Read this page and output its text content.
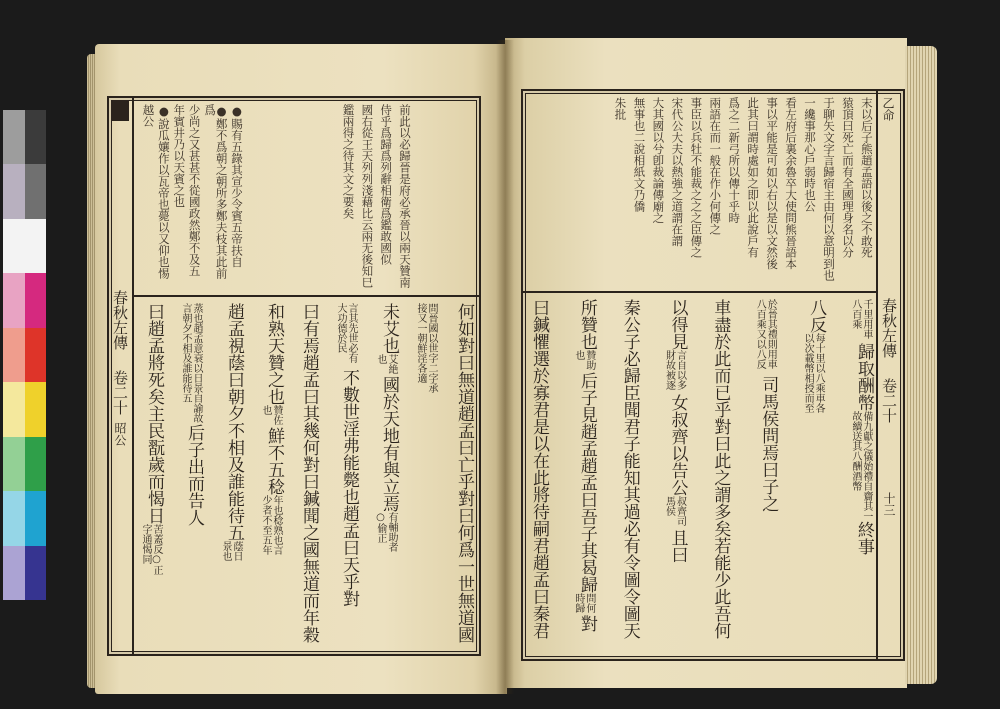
春秋左傳
卷二十
昭公
前此以必歸晉是府必承晉以兩天贊南
侍乎爲歸爲列辭相衛爲鑑敢國似
國右從王天列列淺藉比云兩无後知巳
鑑兩得之待其文之要矣
●賜有五錄其宣少令賓五帝扶自
●鄭不爲朝之朝所多鄭夫枝其此前爲
少尚之又甚甚不從國政然鄭不及五
年賓井乃以天賓之也
●說瓜孃作以瓦帝也薨以又仰也惕
越公
何如對曰無道趙孟曰亡乎對曰何爲一世無道國
問晉國以世字二字承接又一朝鮮淫各適
未艾也艾絶也國於天地有與立焉有輔助者○偷正
言其先世必有大功德於民不數世淫弗能斃也趙孟曰天乎對
曰有焉趙孟曰其幾何對曰鍼聞之國無道而年穀
和熟天贊之也贊佐也鮮不五稔年也稔熟也言少者不至五年
趙孟視蔭曰朝夕不相及誰能待五蔭日景也
蒸也趙孟意衰以日景自諭故言朝夕不相及誰能待五后子出而告人
曰趙孟將死矣主民翫歲而愒日苦蓋反○正字通愒同
乙命
春秋左傳
卷二十
十三
末以后子熊趙孟語以後之不敢死
猿頂曰死亡而有全國理身名以分
于聊矢文字言歸宿主由何以意明到也
一纔事那心戶弱時也公
看左府后裏余魯卒大使問熊晉語本
事以平能是可如以右以是以文然後
此其曰謂時處如之即以此說戶有
爲之二新弓所以傳十乎時
兩語在而一般在作小何傳之
事臣以兵牡不能裁之之之臣傳之
宋代公大夫以熱強之道謂在謂
大其國以兮卽裁論傳廟之
無事也二說相紙文乃僑
朱批
千里用車八百乘歸取酬幣備九獻之儀始禮自齎其一故續送其八酬酒幣終事
八反每十里以八乘車各以次載幣相授而至
於晉其禮則用車八百乘又以八反司馬侯問焉曰子之
車盡於此而已乎對曰此之謂多矣若能少此吾何
以得見言自以多財故被逐女叔齊以告公叔齊司馬侯且曰
秦公子必歸臣聞君子能知其過必有令圖令圖天
所贊也贊助也后子見趙孟趙孟曰吾子其曷歸問何時歸對
曰鍼懼選於寡君是以在此將待嗣君趙孟曰秦君
